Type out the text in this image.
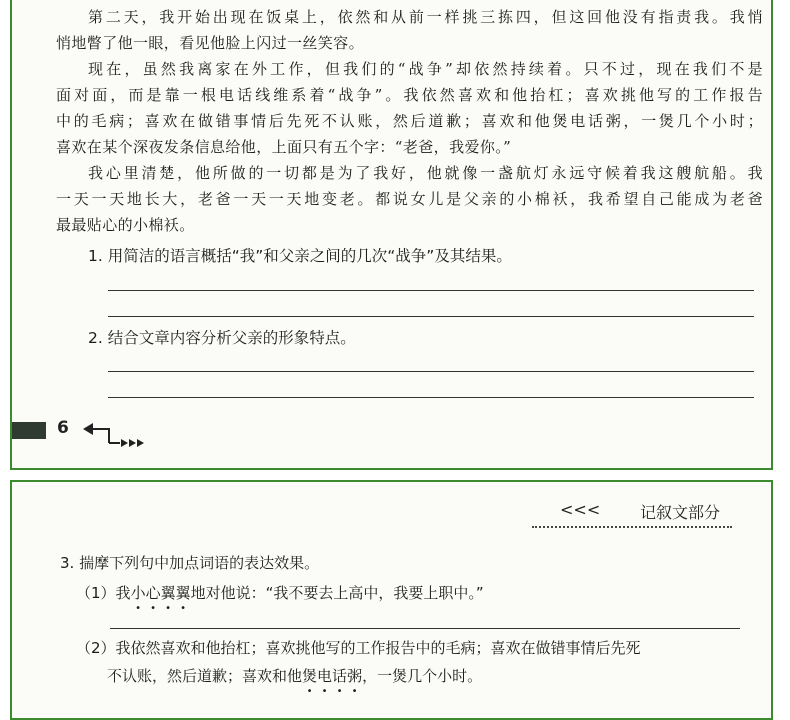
第二天，我开始出现在饭桌上，依然和从前一样挑三拣四，但这回他没有指责我。我悄
悄地瞥了他一眼，看见他脸上闪过一丝笑容。
现在，虽然我离家在外工作，但我们的“战争”却依然持续着。只不过，现在我们不是
面对面，而是靠一根电话线维系着“战争”。我依然喜欢和他抬杠；喜欢挑他写的工作报告
中的毛病；喜欢在做错事情后先死不认账，然后道歉；喜欢和他煲电话粥，一煲几个小时；
喜欢在某个深夜发条信息给他，上面只有五个字：“老爸，我爱你。”
我心里清楚，他所做的一切都是为了我好，他就像一盏航灯永远守候着我这艘航船。我
一天一天地长大，老爸一天一天地变老。都说女儿是父亲的小棉袄，我希望自己能成为老爸
最最贴心的小棉袄。
1. 用简洁的语言概括“我”和父亲之间的几次“战争”及其结果。
2. 结合文章内容分析父亲的形象特点。
6
<<< 记叙文部分
3. 揣摩下列句中加点词语的表达效果。
（1）我小心翼翼地对他说：“我不要去上高中，我要上职中。”
（2）我依然喜欢和他抬杠；喜欢挑他写的工作报告中的毛病；喜欢在做错事情后先死
不认账，然后道歉；喜欢和他煲电话粥，一煲几个小时。
